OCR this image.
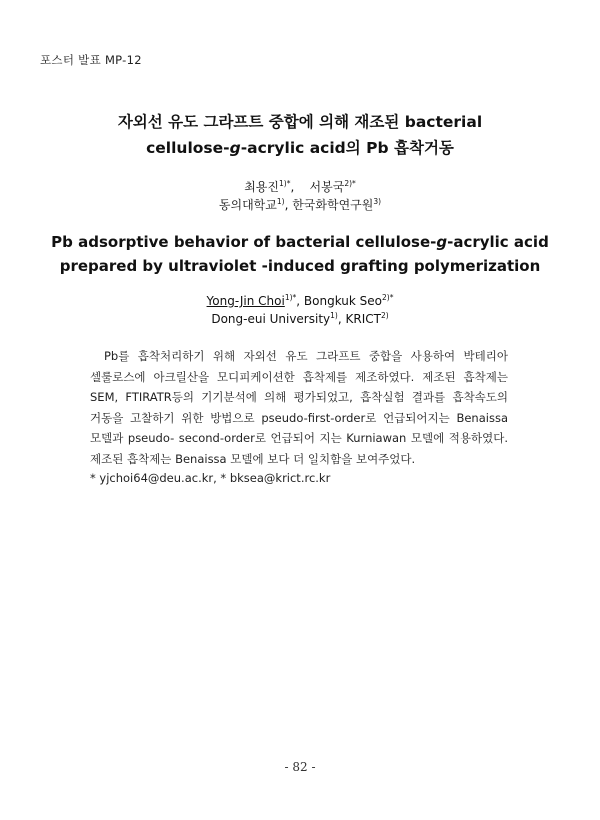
포스터 발표 MP-12
자외선 유도 그라프트 중합에 의해 재조된 bacterial
cellulose-g-acrylic acid의 Pb 흡착거동
최용진$^{1)*}$,    서봉국$^{2)*}$
동의대학교$^{1)}$, 한국화학연구원$^{3)}$
Pb adsorptive behavior of bacterial cellulose-g-acrylic acid
prepared by ultraviolet -induced grafting polymerization
Yong-Jin Choi$^{1)*}$, Bongkuk Seo$^{2)*}$
Dong-eui University$^{1)}$, KRICT$^{2)}$
Pb를 흡착처리하기 위해 자외선 유도 그라프트 중합을 사용하여 박테리아
셀룰로스에 아크릴산을 모디피케이션한 흡착제를 제조하였다. 제조된 흡착제는
SEM, FTIRATR등의 기기분석에 의해 평가되었고, 흡착실험 결과를 흡착속도의
거동을 고찰하기 위한 방법으로 pseudo-first-order로 언급되어지는 Benaissa
모델과 pseudo- second-order로 언급되어 지는 Kurniawan 모델에 적용하였다.
제조된 흡착제는 Benaissa 모델에 보다 더 일치함을 보여주었다.
* yjchoi64@deu.ac.kr, * bksea@krict.rc.kr
- 82 -
